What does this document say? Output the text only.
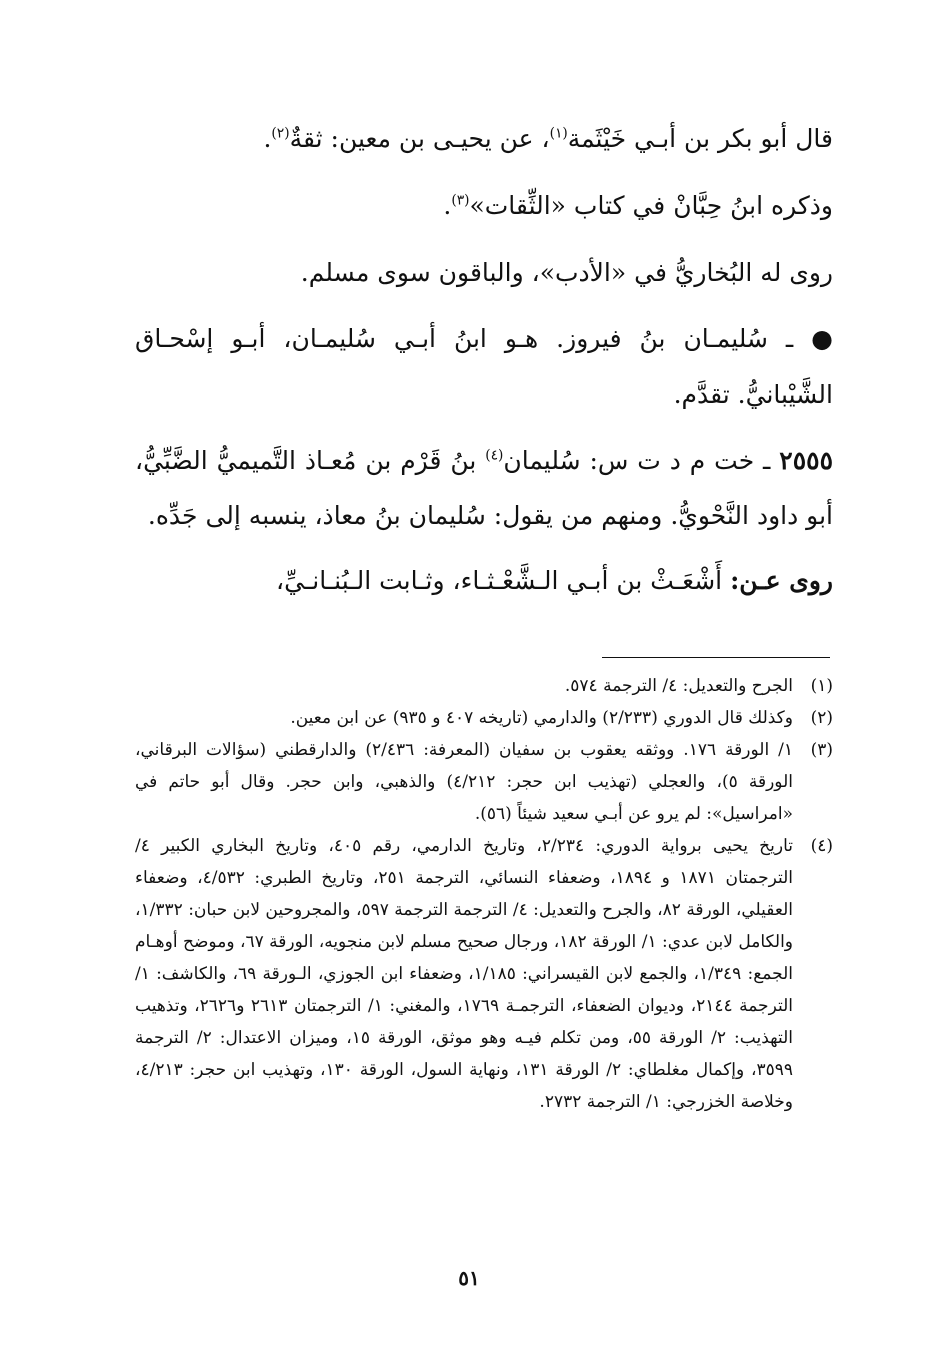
قال أبو بكر بن أبـي خَيْثَمة$^{(١)}$، عن يحيـى بن معين: ثقةٌ$^{(٢)}$.

وذكره ابنُ حِبَّانْ في كتاب «الثِّقات»$^{(٣)}$.

روى له البُخاريُّ في «الأدب»، والباقون سوى مسلم.

● ـ سُليمـان بنُ فيروز. هـو ابنُ أبـي سُليمـان، أبـو إسْحـاق الشَّيْبانيُّ. تقدَّم.

٢٥٥٥ ـ خت م د ت س: سُليمان$^{(٤)}$ بنُ قَرْم بن مُعـاذ التَّميميُّ الضَّبِّيُّ، أبو داود النَّحْويُّ. ومنهم من يقول: سُليمان بنُ معاذ، ينسبه إلى جَدِّه.

روى عـن: أَشْعَـثْ بن أبـي الـشَّعْـثـاء، وثـابت الـبُنـانـيِّ،

(١)
الجرح والتعديل: ٤/ الترجمة ٥٧٤.
(٢)
وكذلك قال الدوري (٢/٢٣٣) والدارمي (تاريخه ٤٠٧ و ٩٣٥) عن ابن معين.
(٣)
١/ الورقة ١٧٦. ووثقه يعقوب بن سفيان (المعرفة: ٢/٤٣٦) والدارقطني (سؤالات البرقاني، الورقة ٥)، والعجلي (تهذيب ابن حجر: ٤/٢١٢) والذهبي، وابن حجر. وقال أبو حاتم في «امراسيل»: لم يرو عن أبـي سعيد شيئاً (٥٦).
(٤)
تاريخ يحيى برواية الدوري: ٢/٢٣٤، وتاريخ الدارمي، رقم ٤٠٥، وتاريخ البخاري الكبير ٤/ الترجمتان ١٨٧١ و ١٨٩٤، وضعفاء النسائي، الترجمة ٢٥١، وتاريخ الطبري: ٤/٥٣٢، وضعفاء العقيلي، الورقة ٨٢، والجرح والتعديل: ٤/ الترجمة الترجمة ٥٩٧، والمجروحين لابن حبان: ١/٣٣٢، والكامل لابن عدي: ١/ الورقة ١٨٢، ورجال صحيح مسلم لابن منجويه، الورقة ٦٧، وموضح أوهـام الجمع: ١/٣٤٩، والجمع لابن القيسراني: ١/١٨٥، وضعفاء ابن الجوزي، الـورقة ٦٩، والكاشف: ١/ الترجمة ٢١٤٤، وديوان الضعفاء، الترجمـة ١٧٦٩، والمغني: ١/ الترجمتان ٢٦١٣ و٢٦٢٦، وتذهيب التهذيب: ٢/ الورقة ٥٥، ومن تكلم فيـه وهو موثق، الورقة ١٥، وميزان الاعتدال: ٢/ الترجمة ٣٥٩٩، وإكمال مغلطاي: ٢/ الورقة ١٣١، ونهاية السول، الورقة ١٣٠، وتهذيب ابن حجر: ٤/٢١٣، وخلاصة الخزرجي: ١/ الترجمة ٢٧٣٢.
٥١
